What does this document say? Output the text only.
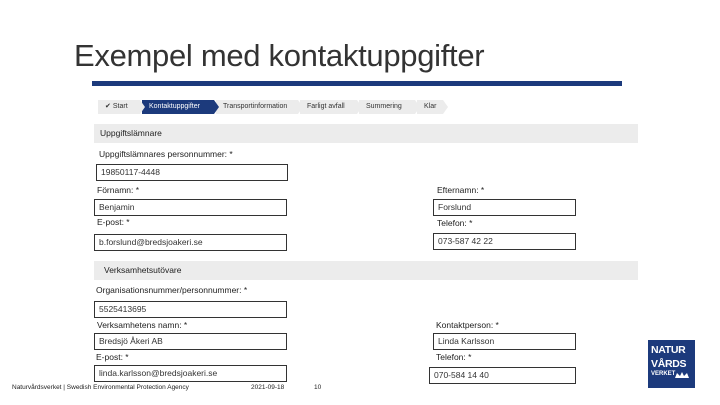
Exempel med kontaktuppgifter
✔ Start	Kontaktuppgifter	Transportinformation	Farligt avfall	Summering	Klar
Uppgiftslämnare
Uppgiftslämnares personnummer: *
19850117-4448
Förnamn: *	Efternamn: *
Benjamin	Forslund
E-post: *	Telefon: *
b.forslund@bredsjoakeri.se	073-587 42 22
Verksamhetsutövare
Organisationsnummer/personnummer: *
5525413695
Verksamhetens namn: *	Kontaktperson: *
Bredsjö Åkeri AB	Linda Karlsson
E-post: *	Telefon: *
linda.karlsson@bredsjoakeri.se	070-584 14 40
Naturvårdsverket | Swedish Environmental Protection Agency	2021-09-18	10
NATUR
VÅRDS
VERKET
